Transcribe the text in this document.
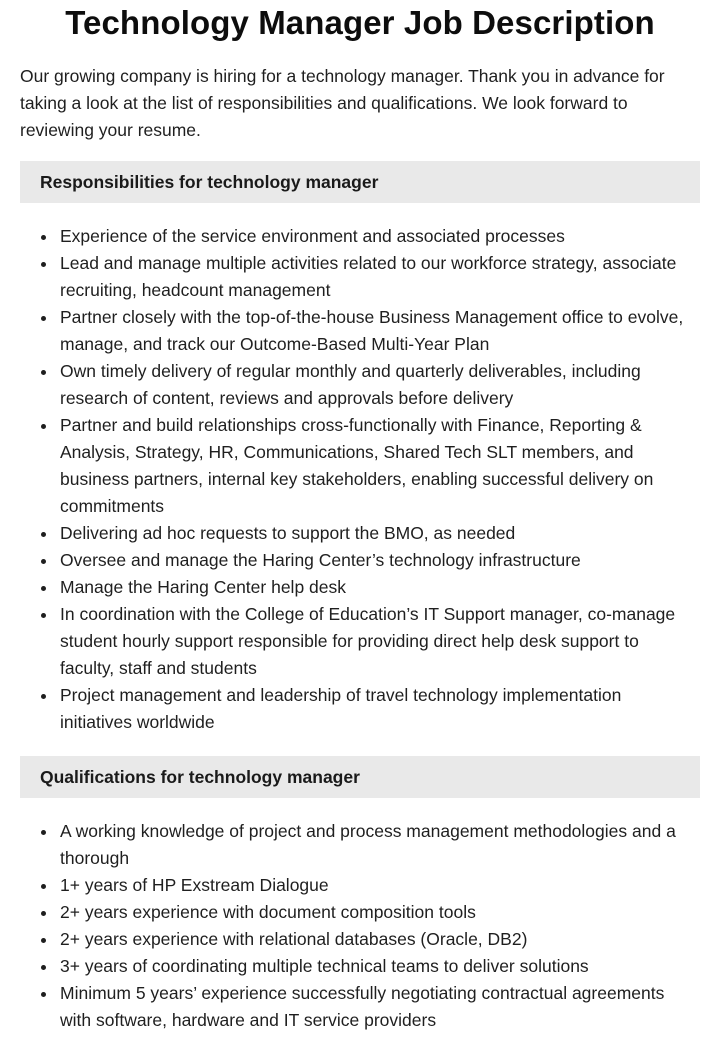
Technology Manager Job Description

Our growing company is hiring for a technology manager. Thank you in advance for taking a look at the list of responsibilities and qualifications. We look forward to reviewing your resume.

Responsibilities for technology manager
Experience of the service environment and associated processes
Lead and manage multiple activities related to our workforce strategy, associate recruiting, headcount management
Partner closely with the top-of-the-house Business Management office to evolve, manage, and track our Outcome-Based Multi-Year Plan
Own timely delivery of regular monthly and quarterly deliverables, including research of content, reviews and approvals before delivery
Partner and build relationships cross-functionally with Finance, Reporting & Analysis, Strategy, HR, Communications, Shared Tech SLT members, and business partners, internal key stakeholders, enabling successful delivery on commitments
Delivering ad hoc requests to support the BMO, as needed
Oversee and manage the Haring Center’s technology infrastructure
Manage the Haring Center help desk
In coordination with the College of Education’s IT Support manager, co-manage student hourly support responsible for providing direct help desk support to faculty, staff and students
Project management and leadership of travel technology implementation initiatives worldwide
Qualifications for technology manager
A working knowledge of project and process management methodologies and a thorough
1+ years of HP Exstream Dialogue
2+ years experience with document composition tools
2+ years experience with relational databases (Oracle, DB2)
3+ years of coordinating multiple technical teams to deliver solutions
Minimum 5 years’ experience successfully negotiating contractual agreements with software, hardware and IT service providers
